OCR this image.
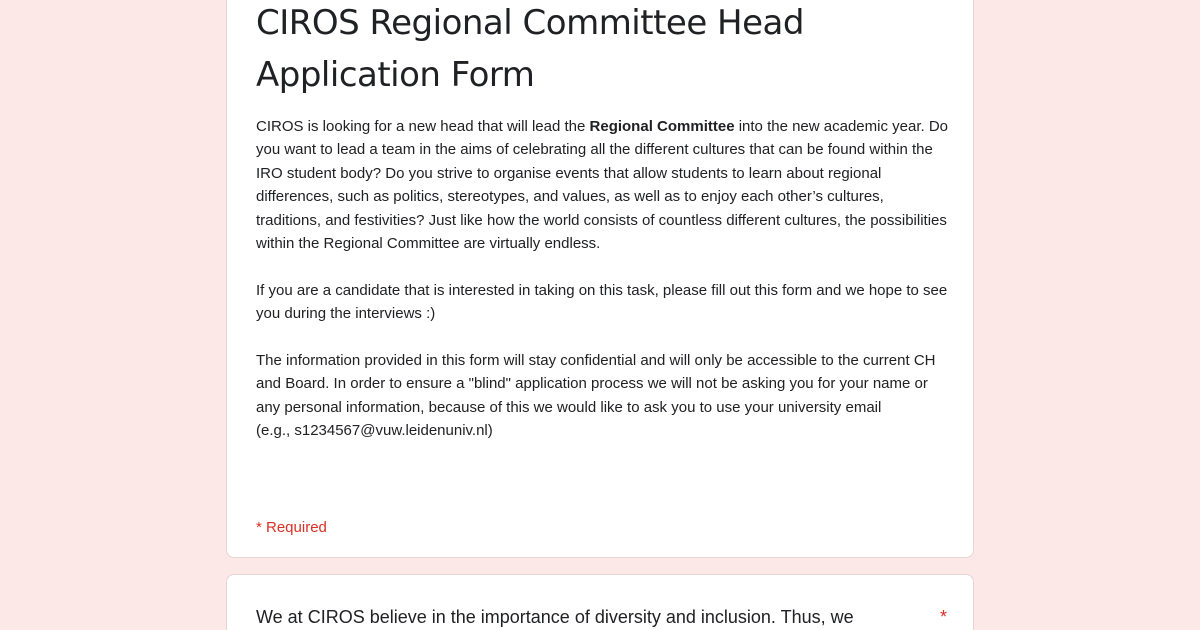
CIROS Regional Committee Head Application Form

CIROS is looking for a new head that will lead the Regional Committee into the new academic year. Do you want to lead a team in the aims of celebrating all the different cultures that can be found within the IRO student body? Do you strive to organise events that allow students to learn about regional differences, such as politics, stereotypes, and values, as well as to enjoy each other’s cultures, traditions, and festivities? Just like how the world consists of countless different cultures, the possibilities within the Regional Committee are virtually endless.

If you are a candidate that is interested in taking on this task, please fill out this form and we hope to see you during the interviews :)

The information provided in this form will stay confidential and will only be accessible to the current CH and Board. In order to ensure a "blind" application process we will not be asking you for your name or any personal information, because of this we would like to ask you to use your university email
(e.g., s1234567@vuw.leidenuniv.nl)

* Required
We at CIROS believe in the importance of diversity and inclusion. Thus, we	*
